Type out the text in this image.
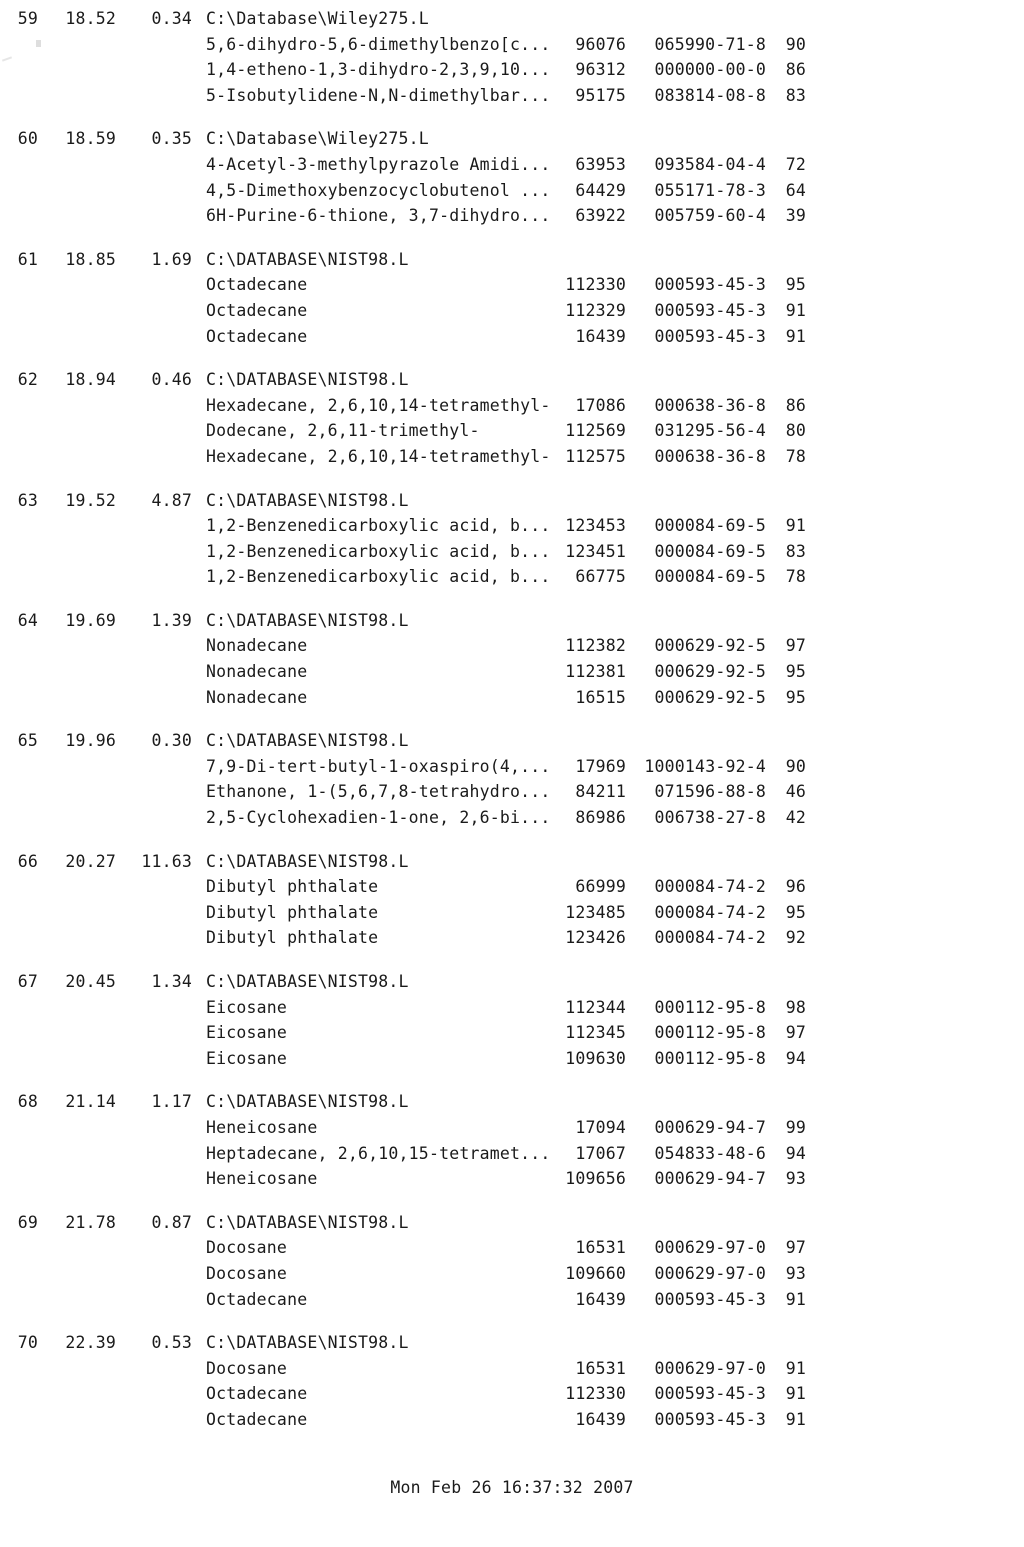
59 18.52 0.34 C:\Database\Wiley275.L
5,6-dihydro-5,6-dimethylbenzo[c... 96076 065990-71-8 90
1,4-etheno-1,3-dihydro-2,3,9,10... 96312 000000-00-0 86
5-Isobutylidene-N,N-dimethylbar... 95175 083814-08-8 83
60 18.59 0.35 C:\Database\Wiley275.L
4-Acetyl-3-methylpyrazole Amidi... 63953 093584-04-4 72
4,5-Dimethoxybenzocyclobutenol ... 64429 055171-78-3 64
6H-Purine-6-thione, 3,7-dihydro... 63922 005759-60-4 39
61 18.85 1.69 C:\DATABASE\NIST98.L
Octadecane	112330 000593-45-3 95
Octadecane	112329 000593-45-3 91
Octadecane	16439 000593-45-3 91
62 18.94 0.46 C:\DATABASE\NIST98.L
Hexadecane, 2,6,10,14-tetramethyl- 17086 000638-36-8 86
Dodecane, 2,6,11-trimethyl-	112569 031295-56-4 80
Hexadecane, 2,6,10,14-tetramethyl- 112575 000638-36-8 78
63 19.52 4.87 C:\DATABASE\NIST98.L
1,2-Benzenedicarboxylic acid, b... 123453 000084-69-5 91
1,2-Benzenedicarboxylic acid, b... 123451 000084-69-5 83
1,2-Benzenedicarboxylic acid, b... 66775 000084-69-5 78
64 19.69 1.39 C:\DATABASE\NIST98.L
Nonadecane	112382 000629-92-5 97
Nonadecane	112381 000629-92-5 95
Nonadecane	16515 000629-92-5 95
65 19.96 0.30 C:\DATABASE\NIST98.L
7,9-Di-tert-butyl-1-oxaspiro(4,... 17969 1000143-92-4 90
Ethanone, 1-(5,6,7,8-tetrahydro... 84211 071596-88-8 46
2,5-Cyclohexadien-1-one, 2,6-bi... 86986 006738-27-8 42
66 20.27 11.63 C:\DATABASE\NIST98.L
Dibutyl phthalate	66999 000084-74-2 96
Dibutyl phthalate	123485 000084-74-2 95
Dibutyl phthalate	123426 000084-74-2 92
67 20.45 1.34 C:\DATABASE\NIST98.L
Eicosane	112344 000112-95-8 98
Eicosane	112345 000112-95-8 97
Eicosane	109630 000112-95-8 94
68 21.14 1.17 C:\DATABASE\NIST98.L
Heneicosane	17094 000629-94-7 99
Heptadecane, 2,6,10,15-tetramet... 17067 054833-48-6 94
Heneicosane	109656 000629-94-7 93
69 21.78 0.87 C:\DATABASE\NIST98.L
Docosane	16531 000629-97-0 97
Docosane	109660 000629-97-0 93
Octadecane	16439 000593-45-3 91
70 22.39 0.53 C:\DATABASE\NIST98.L
Docosane	16531 000629-97-0 91
Octadecane	112330 000593-45-3 91
Octadecane	16439 000593-45-3 91
Mon Feb 26 16:37:32 2007
